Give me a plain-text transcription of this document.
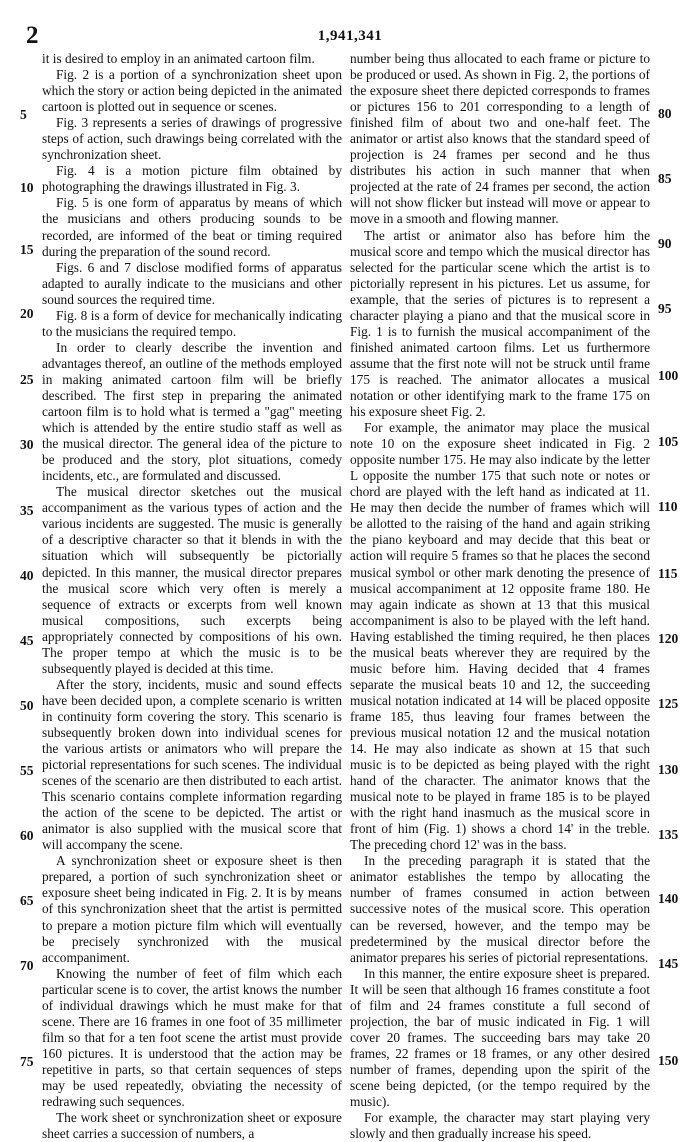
2	1,941,341

it is desired to employ in an animated cartoon film.

Fig. 2 is a portion of a synchronization sheet upon which the story or action being depicted in the animated cartoon is plotted out in sequence or scenes.

Fig. 3 represents a series of drawings of progressive steps of action, such drawings being correlated with the synchronization sheet.

Fig. 4 is a motion picture film obtained by photographing the drawings illustrated in Fig. 3.

Fig. 5 is one form of apparatus by means of which the musicians and others producing sounds to be recorded, are informed of the beat or timing required during the preparation of the sound record.

Figs. 6 and 7 disclose modified forms of apparatus adapted to aurally indicate to the musicians and other sound sources the required time.

Fig. 8 is a form of device for mechanically indicating to the musicians the required tempo.

In order to clearly describe the invention and advantages thereof, an outline of the methods employed in making animated cartoon film will be briefly described. The first step in preparing the animated cartoon film is to hold what is termed a "gag" meeting which is attended by the entire studio staff as well as the musical director. The general idea of the picture to be produced and the story, plot situations, comedy incidents, etc., are formulated and discussed.

The musical director sketches out the musical accompaniment as the various types of action and the various incidents are suggested. The music is generally of a descriptive character so that it blends in with the situation which will subsequently be pictorially depicted. In this manner, the musical director prepares the musical score which very often is merely a sequence of extracts or excerpts from well known musical compositions, such excerpts being appropriately connected by compositions of his own. The proper tempo at which the music is to be subsequently played is decided at this time.

After the story, incidents, music and sound effects have been decided upon, a complete scenario is written in continuity form covering the story. This scenario is subsequently broken down into individual scenes for the various artists or animators who will prepare the pictorial representations for such scenes. The individual scenes of the scenario are then distributed to each artist. This scenario contains complete information regarding the action of the scene to be depicted. The artist or animator is also supplied with the musical score that will accompany the scene.

A synchronization sheet or exposure sheet is then prepared, a portion of such synchronization sheet or exposure sheet being indicated in Fig. 2. It is by means of this synchronization sheet that the artist is permitted to prepare a motion picture film which will eventually be precisely synchronized with the musical accompaniment.

Knowing the number of feet of film which each particular scene is to cover, the artist knows the number of individual drawings which he must make for that scene. There are 16 frames in one foot of 35 millimeter film so that for a ten foot scene the artist must provide 160 pictures. It is understood that the action may be repetitive in parts, so that certain sequences of steps may be used repeatedly, obviating the necessity of redrawing such sequences.

The work sheet or synchronization sheet or exposure sheet carries a succession of numbers, a

number being thus allocated to each frame or picture to be produced or used. As shown in Fig. 2, the portions of the exposure sheet there depicted corresponds to frames or pictures 156 to 201 corresponding to a length of finished film of about two and one-half feet. The animator or artist also knows that the standard speed of projection is 24 frames per second and he thus distributes his action in such manner that when projected at the rate of 24 frames per second, the action will not show flicker but instead will move or appear to move in a smooth and flowing manner.

The artist or animator also has before him the musical score and tempo which the musical director has selected for the particular scene which the artist is to pictorially represent in his pictures. Let us assume, for example, that the series of pictures is to represent a character playing a piano and that the musical score in Fig. 1 is to furnish the musical accompaniment of the finished animated cartoon films. Let us furthermore assume that the first note will not be struck until frame 175 is reached. The animator allocates a musical notation or other identifying mark to the frame 175 on his exposure sheet Fig. 2.

For example, the animator may place the musical note 10 on the exposure sheet indicated in Fig. 2 opposite number 175. He may also indicate by the letter L opposite the number 175 that such note or notes or chord are played with the left hand as indicated at 11. He may then decide the number of frames which will be allotted to the raising of the hand and again striking the piano keyboard and may decide that this beat or action will require 5 frames so that he places the second musical symbol or other mark denoting the presence of musical accompaniment at 12 opposite frame 180. He may again indicate as shown at 13 that this musical accompaniment is also to be played with the left hand. Having established the timing required, he then places the musical beats wherever they are required by the music before him. Having decided that 4 frames separate the musical beats 10 and 12, the succeeding musical notation indicated at 14 will be placed opposite frame 185, thus leaving four frames between the previous musical notation 12 and the musical notation 14. He may also indicate as shown at 15 that such music is to be depicted as being played with the right hand of the character. The animator knows that the musical note to be played in frame 185 is to be played with the right hand inasmuch as the musical score in front of him (Fig. 1) shows a chord 14' in the treble. The preceding chord 12' was in the bass.

In the preceding paragraph it is stated that the animator establishes the tempo by allocating the number of frames consumed in action between successive notes of the musical score. This operation can be reversed, however, and the tempo may be predetermined by the musical director before the animator prepares his series of pictorial representations.

In this manner, the entire exposure sheet is prepared. It will be seen that although 16 frames constitute a foot of film and 24 frames constitute a full second of projection, the bar of music indicated in Fig. 1 will cover 20 frames. The succeeding bars may take 20 frames, 22 frames or 18 frames, or any other desired number of frames, depending upon the spirit of the scene being depicted, (or the tempo required by the music).

For example, the character may start playing very slowly and then gradually increase his speed.

5
10
15
20
25
30
35
40
45
50
55
60
65
70
75
80
85
90
95
100
105
110
115
120
125
130
135
140
145
150
